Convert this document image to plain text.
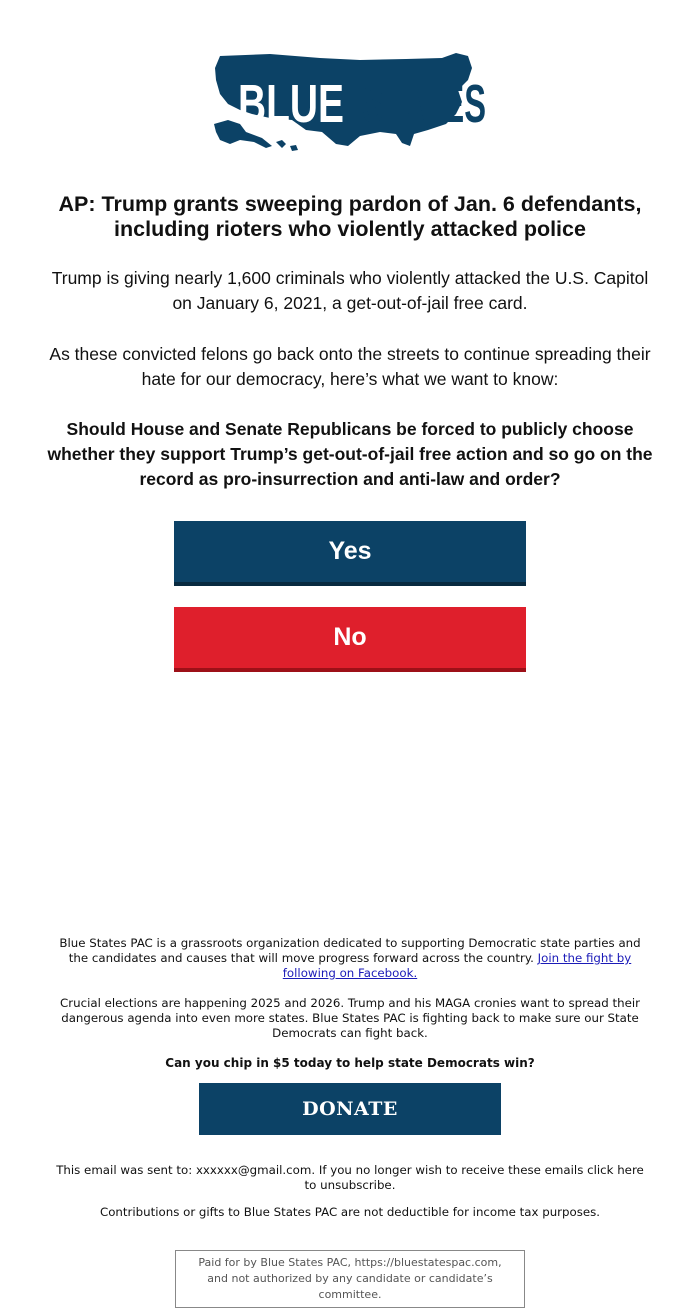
BLUE STATES
AP: Trump grants sweeping pardon of Jan. 6 defendants, including rioters who violently attacked police

Trump is giving nearly 1,600 criminals who violently attacked the U.S. Capitol on January 6, 2021, a get-out-of-jail free card.

As these convicted felons go back onto the streets to continue spreading their hate for our democracy, here’s what we want to know:

Should House and Senate Republicans be forced to publicly choose whether they support Trump’s get-out-of-jail free action and so go on the record as pro-insurrection and anti-law and order?

Yes
No

Blue States PAC is a grassroots organization dedicated to supporting Democratic state parties and the candidates and causes that will move progress forward across the country. Join the fight by following on Facebook.

Crucial elections are happening 2025 and 2026. Trump and his MAGA cronies want to spread their dangerous agenda into even more states. Blue States PAC is fighting back to make sure our State Democrats can fight back.

Can you chip in $5 today to help state Democrats win?

DONATE

This email was sent to: xxxxxx@gmail.com. If you no longer wish to receive these emails click here to unsubscribe.

Contributions or gifts to Blue States PAC are not deductible for income tax purposes.

Paid for by Blue States PAC, https://bluestatespac.com, and not authorized by any candidate or candidate’s committee.
